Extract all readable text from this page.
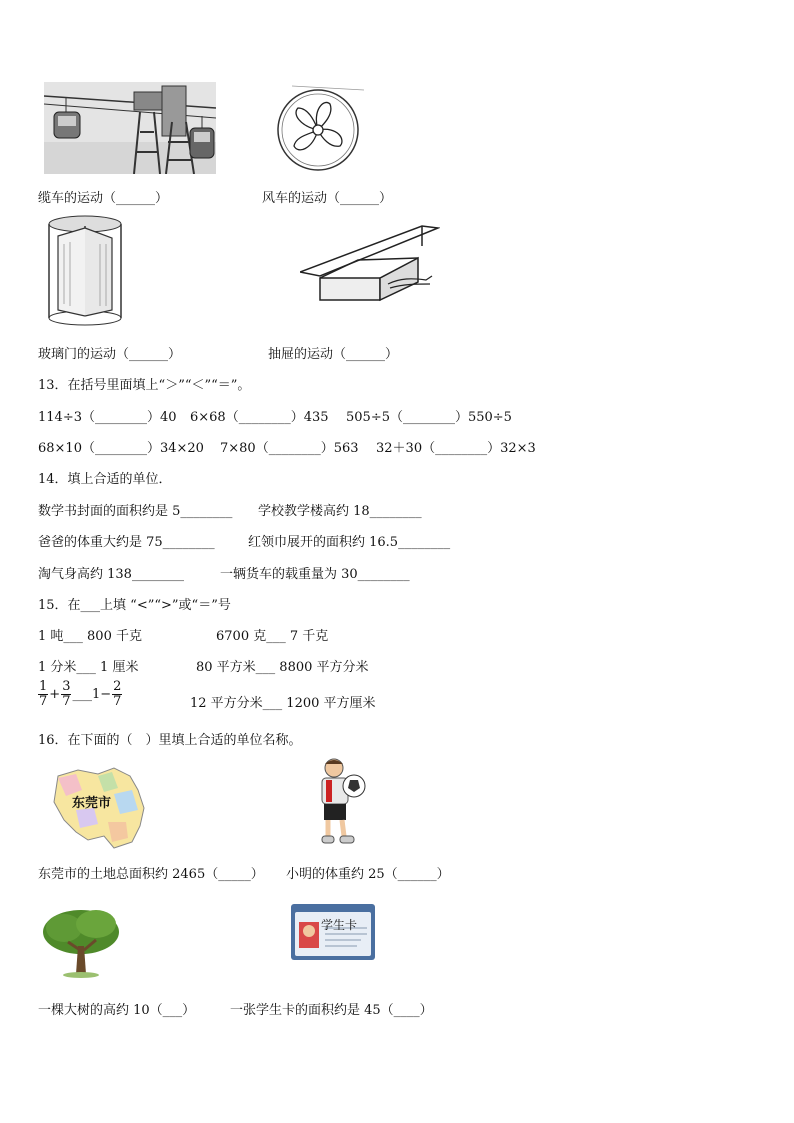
缆车的运动（______）	风车的运动（______）
玻璃门的运动（______）	抽屉的运动（______）
13．在括号里面填上“＞”“＜”“＝”。
114÷3（________）40 6×68（________）435 505÷5（________）550÷5
68×10（________）34×20 7×80（________）563 32＋30（________）32×3
14．填上合适的单位．
数学书封面的面积约是 5________ 学校教学楼高约 18________
爸爸的体重大约是 75________	红领巾展开的面积约 16.5________
淘气身高约 138________	一辆货车的载重量为 30________
15．在___上填 “<”“>”或“＝”号
1 吨___ 800 千克	6700 克___ 7 千克
1 分米___ 1 厘米	80 平方米___ 8800 平方分米
$\frac{1}{7} + \frac{3}{7}$ ___1− $\frac{2}{7}$	12 平方分米___ 1200 平方厘米
16．在下面的（　）里填上合适的单位名称。
东莞市
东莞市的土地总面积约 2465（_____） 小明的体重约 25（______）
学生卡
一棵大树的高约 10（___）	一张学生卡的面积约是 45（____）
